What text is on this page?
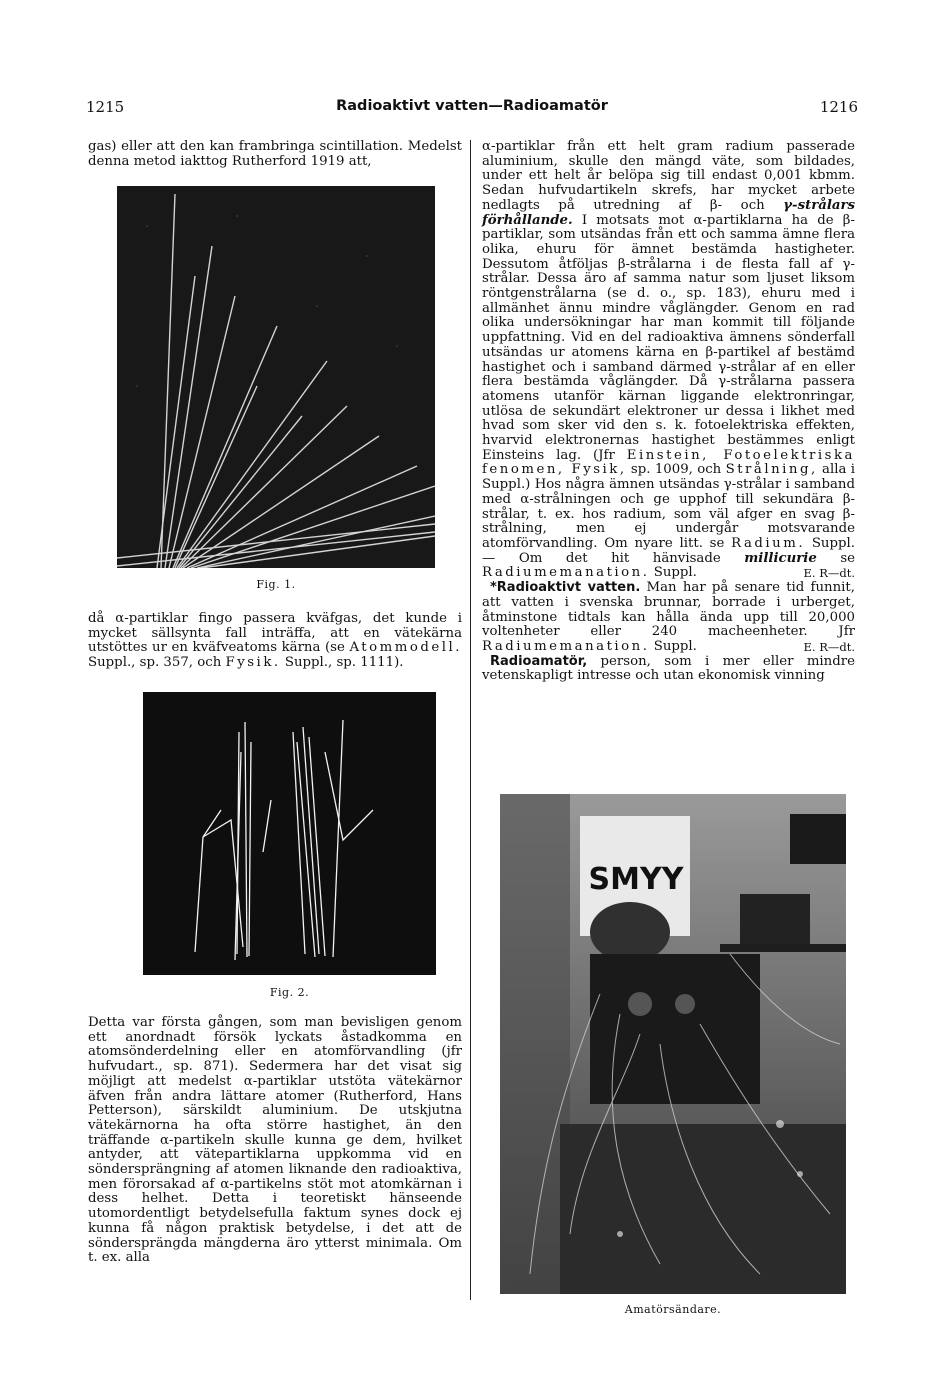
1215	Radioaktivt vatten—Radioamatör	1216

gas) eller att den kan frambringa scintillation. Medelst denna metod iakttog Rutherford 1919 att,

Fig. 1.

då α-partiklar fingo passera kväfgas, det kunde i mycket sällsynta fall inträffa, att en vätekärna utstöttes ur en kväfveatoms kärna (se Atommodell. Suppl., sp. 357, och Fysik. Suppl., sp. 1111).

Fig. 2.

Detta var första gången, som man bevisligen genom ett anordnadt försök lyckats åstadkomma en atomsönderdelning eller en atomförvandling (jfr hufvudart., sp. 871). Sedermera har det visat sig möjligt att medelst α-partiklar utstöta vätekärnor äfven från andra lättare atomer (Rutherford, Hans Petterson), särskildt aluminium. De utskjutna vätekärnorna ha ofta större hastighet, än den träffande α-partikeln skulle kunna ge dem, hvilket antyder, att vätepartiklarna uppkomma vid en söndersprängning af atomen liknande den radioaktiva, men förorsakad af α-partikelns stöt mot atomkärnan i dess helhet. Detta i teoretiskt hänseende utomordentligt betydelsefulla faktum synes dock ej kunna få någon praktisk betydelse, i det att de söndersprängda mängderna äro ytterst minimala. Om t. ex. alla

α-partiklar från ett helt gram radium passerade aluminium, skulle den mängd väte, som bildades, under ett helt år belöpa sig till endast 0,001 kbmm. Sedan hufvudartikeln skrefs, har mycket arbete nedlagts på utredning af β- och γ-strålars förhållande. I motsats mot α-partiklarna ha de β-partiklar, som utsändas från ett och samma ämne flera olika, ehuru för ämnet bestämda hastigheter. Dessutom åtföljas β-strålarna i de flesta fall af γ-strålar. Dessa äro af samma natur som ljuset liksom röntgenstrålarna (se d. o., sp. 183), ehuru med i allmänhet ännu mindre våglängder. Genom en rad olika undersökningar har man kommit till följande uppfattning. Vid en del radioaktiva ämnens sönderfall utsändas ur atomens kärna en β-partikel af bestämd hastighet och i samband därmed γ-strålar af en eller flera bestämda våglängder. Då γ-strålarna passera atomens utanför kärnan liggande elektronringar, utlösa de sekundärt elektroner ur dessa i likhet med hvad som sker vid den s. k. fotoelektriska effekten, hvarvid elektronernas hastighet bestämmes enligt Einsteins lag. (Jfr Einstein, Fotoelektriska fenomen, Fysik, sp. 1009, och Strålning, alla i Suppl.) Hos några ämnen utsändas γ-strålar i samband med α-strålningen och ge upphof till sekundära β-strålar, t. ex. hos radium, som väl afger en svag β-strålning, men ej undergår motsvarande atomförvandling. Om nyare litt. se Radium. Suppl. — Om det hit hänvisade millicurie se Radiumemanation. Suppl.	E. R—dt.

*Radioaktivt vatten. Man har på senare tid funnit, att vatten i svenska brunnar, borrade i urberget, åtminstone tidtals kan hålla ända upp till 20,000 voltenheter eller 240 macheenheter. Jfr Radiumemanation. Suppl.	E. R—dt.

Radioamatör, person, som i mer eller mindre vetenskapligt intresse och utan ekonomisk vinning

SMYY
Amatörsändare.
